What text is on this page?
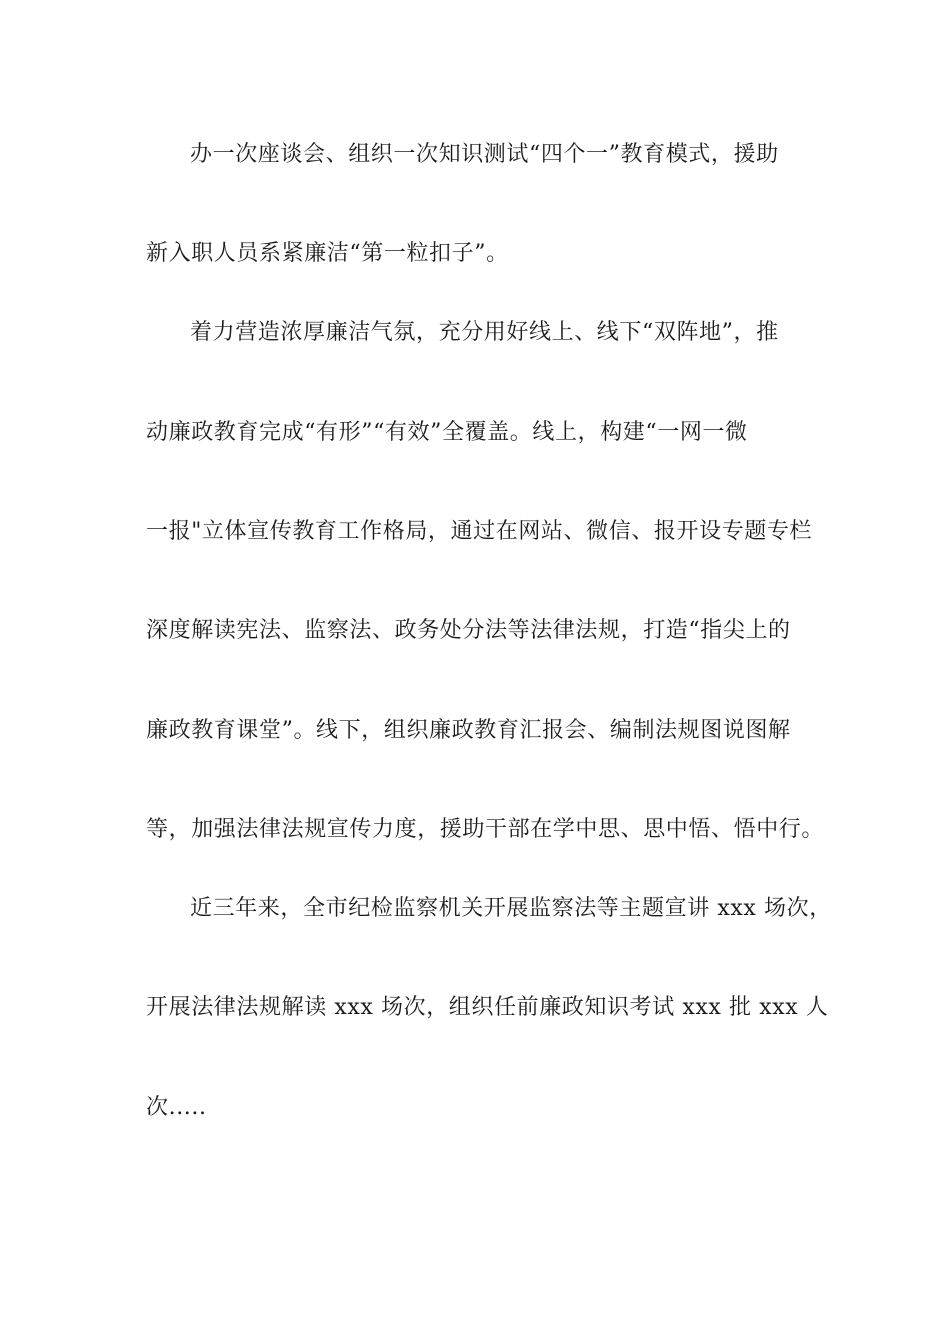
办一次座谈会、组织一次知识测试“四个一”教育模式，援助
新入职人员系紧廉洁“第一粒扣子”。
着力营造浓厚廉洁气氛，充分用好线上、线下“双阵地”，推
动廉政教育完成“有形”“有效”全覆盖。线上，构建“一网一微
一报"立体宣传教育工作格局，通过在网站、微信、报开设专题专栏
深度解读宪法、监察法、政务处分法等法律法规，打造“指尖上的
廉政教育课堂”。线下，组织廉政教育汇报会、编制法规图说图解
等，加强法律法规宣传力度，援助干部在学中思、思中悟、悟中行。
近三年来，全市纪检监察机关开展监察法等主题宣讲 xxx 场次，
开展法律法规解读 xxx 场次，组织任前廉政知识考试 xxx 批 xxx 人
次.....
